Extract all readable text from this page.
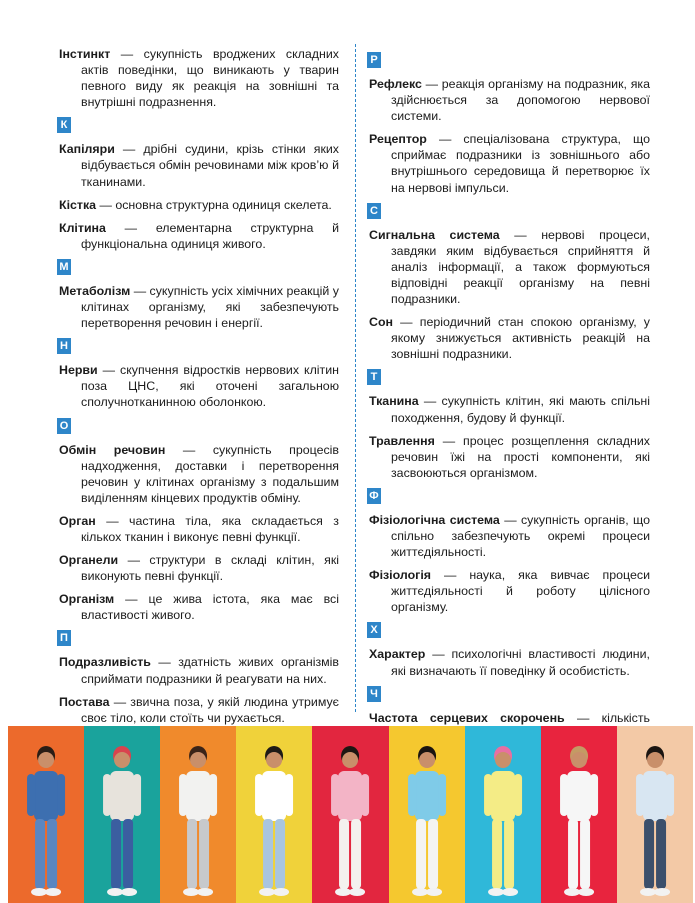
Інстинкт — сукупність вроджених складних актів поведінки, що виникають у тварин певного виду як реакція на зовнішні та внутрішні подразнення.
К
Капіляри — дрібні судини, крізь стінки яких відбувається обмін речовинами між кров’ю й тканинами.
Кістка — основна структурна одиниця скелета.
Клітина — елементарна структурна й функціональна одиниця живого.
М
Метаболізм — сукупність усіх хімічних реакцій у клітинах організму, які забезпечують перетворення речовин і енергії.
Н
Нерви — скупчення відростків нервових клітин поза ЦНС, які оточені загальною сполучнотканинною оболонкою.
О
Обмін речовин — сукупність процесів надходження, доставки і перетворення речовин у клітинах організму з подальшим виділенням кінцевих продуктів обміну.
Орган — частина тіла, яка складається з кількох тканин і виконує певні функції.
Органели — структури в складі клітин, які виконують певні функції.
Організм — це жива істота, яка має всі властивості живого.
П
Подразливість — здатність живих організмів сприймати подразники й реагувати на них.
Постава — звична поза, у якій людина утримує своє тіло, коли стоїть чи рухається.
Р
Рефлекс — реакція організму на подразник, яка здійснюється за допомогою нервової системи.
Рецептор — спеціалізована структура, що сприймає подразники із зовнішнього або внутрішнього середовища й перетворює їх на нервові імпульси.
С
Сигнальна система — нервові процеси, завдяки яким відбувається сприйняття й аналіз інформації, а також формуються відповідні реакції організму на певні подразники.
Сон — періодичний стан спокою організму, у якому знижується активність реакцій на зовнішні подразники.
Т
Тканина — сукупність клітин, які мають спільні походження, будову й функції.
Травлення — процес розщеплення складних речовин їжі на прості компоненти, які засвоюються організмом.
Ф
Фізіологічна система — сукупність органів, що спільно забезпечують окремі процеси життєдіяльності.
Фізіологія — наука, яка вивчає процеси життєдіяльності й роботу цілісного організму.
Х
Характер — психологічні властивості людини, які визначають її поведінку й особистість.
Ч
Частота серцевих скорочень — кількість
